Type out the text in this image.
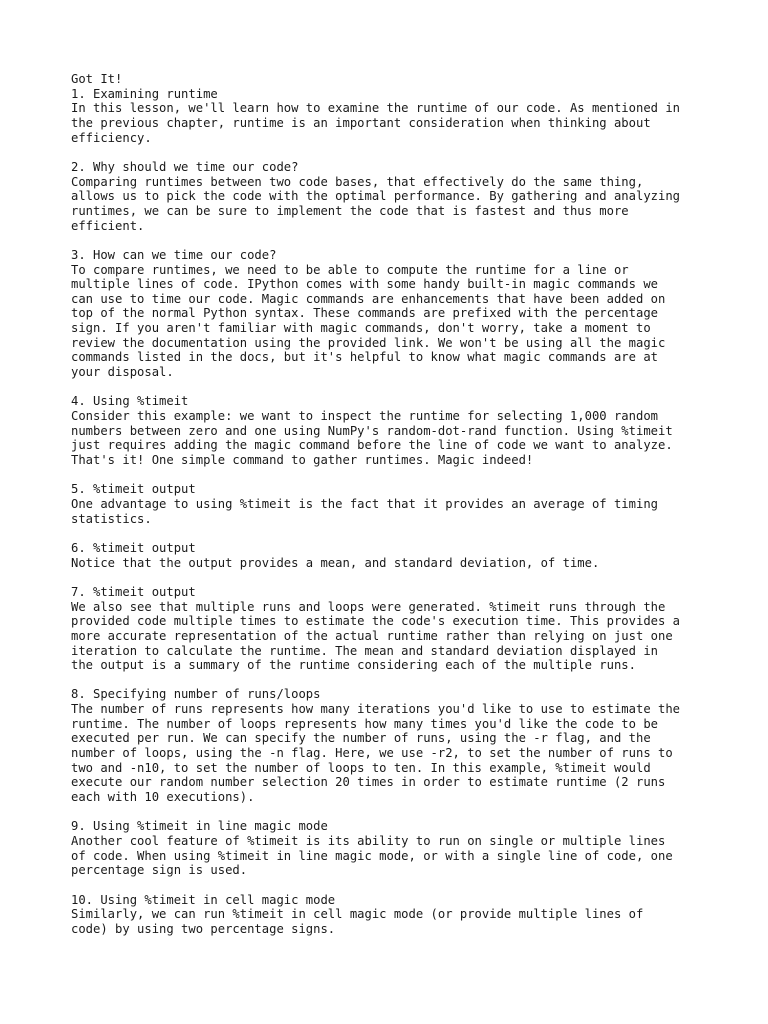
Got It!

1. Examining runtime

In this lesson, we'll learn how to examine the runtime of our code. As mentioned in
the previous chapter, runtime is an important consideration when thinking about
efficiency.

2. Why should we time our code?

Comparing runtimes between two code bases, that effectively do the same thing,
allows us to pick the code with the optimal performance. By gathering and analyzing
runtimes, we can be sure to implement the code that is fastest and thus more
efficient.

3. How can we time our code?

To compare runtimes, we need to be able to compute the runtime for a line or
multiple lines of code. IPython comes with some handy built-in magic commands we
can use to time our code. Magic commands are enhancements that have been added on
top of the normal Python syntax. These commands are prefixed with the percentage
sign. If you aren't familiar with magic commands, don't worry, take a moment to
review the documentation using the provided link. We won't be using all the magic
commands listed in the docs, but it's helpful to know what magic commands are at
your disposal.

4. Using %timeit

Consider this example: we want to inspect the runtime for selecting 1,000 random
numbers between zero and one using NumPy's random-dot-rand function. Using %timeit
just requires adding the magic command before the line of code we want to analyze.
That's it! One simple command to gather runtimes. Magic indeed!

5. %timeit output

One advantage to using %timeit is the fact that it provides an average of timing
statistics.

6. %timeit output

Notice that the output provides a mean, and standard deviation, of time.

7. %timeit output

We also see that multiple runs and loops were generated. %timeit runs through the
provided code multiple times to estimate the code's execution time. This provides a
more accurate representation of the actual runtime rather than relying on just one
iteration to calculate the runtime. The mean and standard deviation displayed in
the output is a summary of the runtime considering each of the multiple runs.

8. Specifying number of runs/loops

The number of runs represents how many iterations you'd like to use to estimate the
runtime. The number of loops represents how many times you'd like the code to be
executed per run. We can specify the number of runs, using the -r flag, and the
number of loops, using the -n flag. Here, we use -r2, to set the number of runs to
two and -n10, to set the number of loops to ten. In this example, %timeit would
execute our random number selection 20 times in order to estimate runtime (2 runs
each with 10 executions).

9. Using %timeit in line magic mode

Another cool feature of %timeit is its ability to run on single or multiple lines
of code. When using %timeit in line magic mode, or with a single line of code, one
percentage sign is used.

10. Using %timeit in cell magic mode

Similarly, we can run %timeit in cell magic mode (or provide multiple lines of
code) by using two percentage signs.
